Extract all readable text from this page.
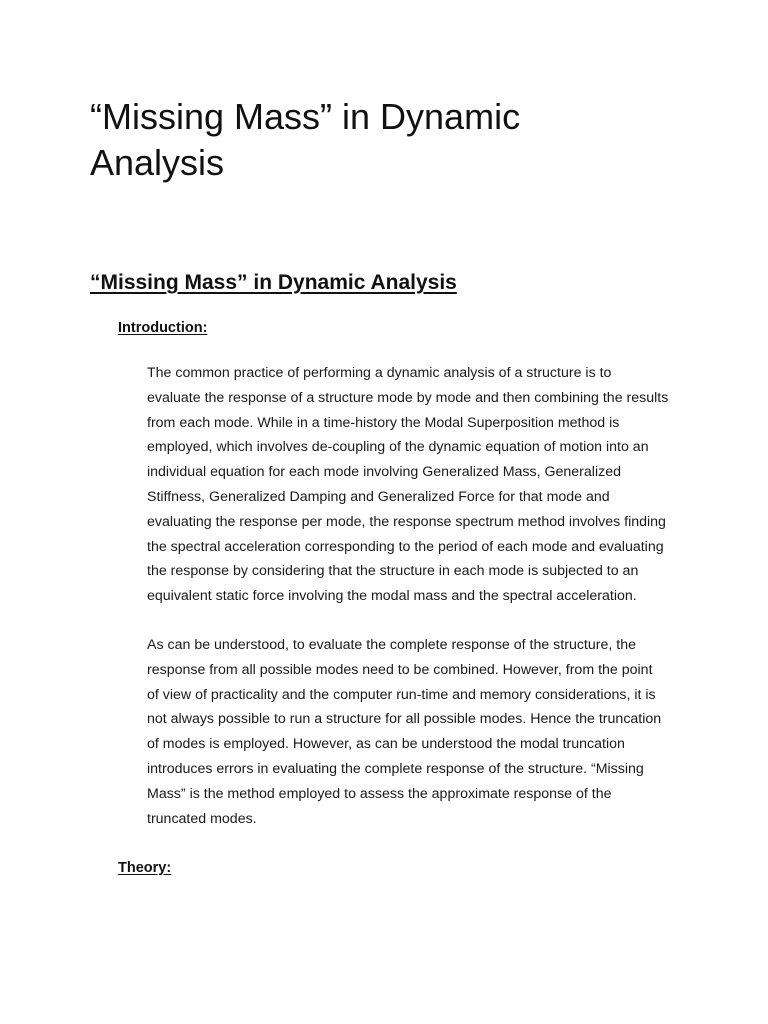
“Missing Mass” in Dynamic
Analysis
“Missing Mass” in Dynamic Analysis
Introduction:

The common practice of performing a dynamic analysis of a structure is to
evaluate the response of a structure mode by mode and then combining the results
from each mode. While in a time-history the Modal Superposition method is
employed, which involves de-coupling of the dynamic equation of motion into an
individual equation for each mode involving Generalized Mass, Generalized
Stiffness, Generalized Damping and Generalized Force for that mode and
evaluating the response per mode, the response spectrum method involves finding
the spectral acceleration corresponding to the period of each mode and evaluating
the response by considering that the structure in each mode is subjected to an
equivalent static force involving the modal mass and the spectral acceleration.

As can be understood, to evaluate the complete response of the structure, the
response from all possible modes need to be combined. However, from the point
of view of practicality and the computer run-time and memory considerations, it is
not always possible to run a structure for all possible modes. Hence the truncation
of modes is employed. However, as can be understood the modal truncation
introduces errors in evaluating the complete response of the structure. “Missing
Mass” is the method employed to assess the approximate response of the
truncated modes.

Theory:
